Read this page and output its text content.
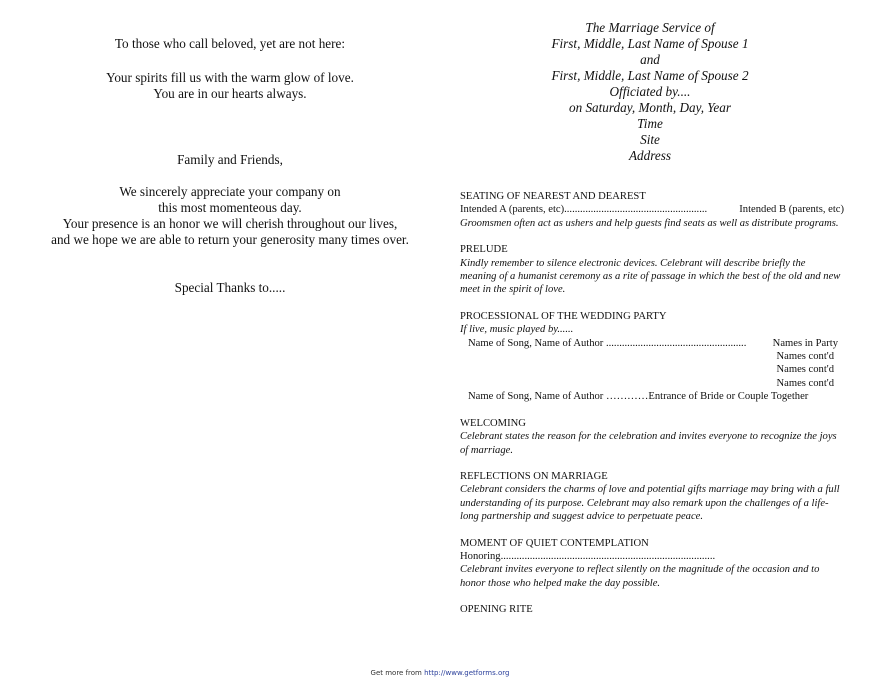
To those who call beloved, yet are not here:

Your spirits fill us with the warm glow of love.

You are in our hearts always.

Family and Friends,

We sincerely appreciate your company on

this most momenteous day.

Your presence is an honor we will cherish throughout our lives,

and we hope we are able to return your generosity many times over.

Special Thanks to.....

The Marriage Service of
First, Middle, Last Name of Spouse 1
and
First, Middle, Last Name of Spouse 2
Officiated by....
on Saturday, Month, Day, Year
Time
Site
Address
SEATING OF NEAREST AND DEAREST
Intended A (parents, etc)......................................................	Intended B (parents, etc)
Groomsmen often act as ushers and help guests find seats as well as distribute programs.
PRELUDE
Kindly remember to silence electronic devices. Celebrant will describe briefly the meaning of a humanist ceremony as a rite of passage in which the best of the old and new meet in the spirit of love.
PROCESSIONAL OF THE WEDDING PARTY
If live, music played by......
Name of Song, Name of Author ..................................................... Names in Party
Names cont'd
Names cont'd
Names cont'd
Name of Song, Name of Author …………Entrance of Bride or Couple Together
WELCOMING
Celebrant states the reason for the celebration and invites everyone to recognize the joys of marriage.
REFLECTIONS ON MARRIAGE
Celebrant considers the charms of love and potential gifts marriage may bring with a full understanding of its purpose. Celebrant may also remark upon the challenges of a life-long partnership and suggest advice to perpetuate peace.
MOMENT OF QUIET CONTEMPLATION
Honoring.................................................................................
Celebrant invites everyone to reflect silently on the magnitude of the occasion and to honor those who helped make the day possible.
OPENING RITE
Get more from http://www.getforms.org
